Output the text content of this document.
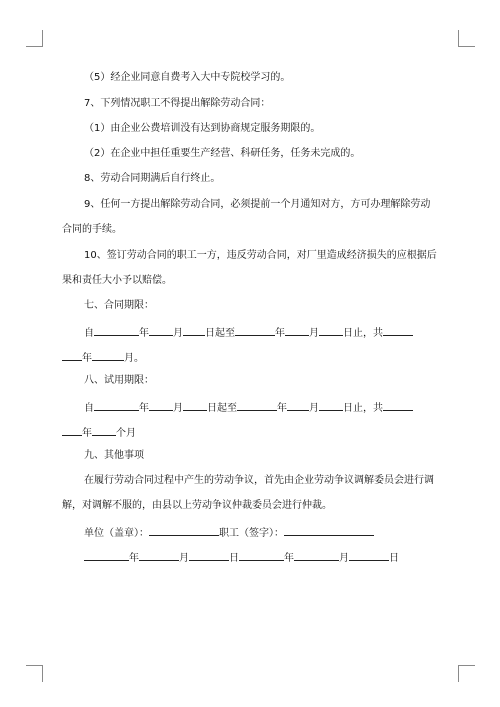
（5）经企业同意自费考入大中专院校学习的。
7、下列情况职工不得提出解除劳动合同：
（1）由企业公费培训没有达到协商规定服务期限的。
（2）在企业中担任重要生产经营、科研任务，任务未完成的。
8、劳动合同期满后自行终止。
9、任何一方提出解除劳动合同，必须提前一个月通知对方，方可办理解除劳动
合同的手续。
10、签订劳动合同的职工一方，违反劳动合同，对厂里造成经济损失的应根据后
果和责任大小予以赔偿。
七、合同期限：
自	年 月 日起至	年 月 日止，共
年	月。
八、试用期限：
自	年 月 日起至	年 月 日止，共
年 个月
九、其他事项
在履行劳动合同过程中产生的劳动争议，首先由企业劳动争议调解委员会进行调
解，对调解不服的，由县以上劳动争议仲裁委员会进行仲裁。
单位（盖章）：	职工（签字）：
年	月	日	年	月	日
